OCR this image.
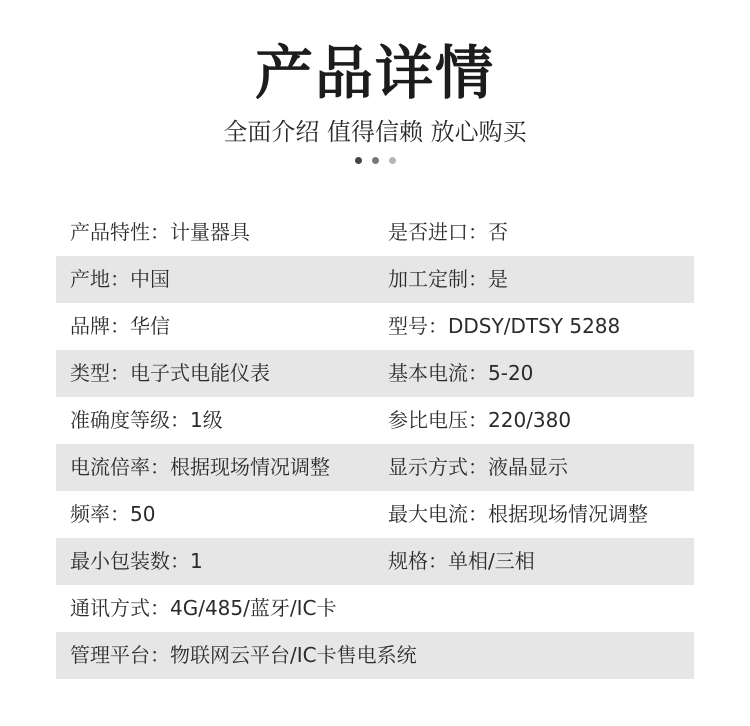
产品详情
全面介绍 值得信赖 放心购买
产品特性： 计量器具	是否进口： 否
产地： 中国	加工定制： 是
品牌： 华信	型号： DDSY/DTSY 5288
类型： 电子式电能仪表	基本电流： 5-20
准确度等级： 1级	参比电压： 220/380
电流倍率： 根据现场情况调整	显示方式： 液晶显示
频率： 50	最大电流： 根据现场情况调整
最小包装数： 1	规格： 单相/三相
通讯方式： 4G/485/蓝牙/IC卡
管理平台： 物联网云平台/IC卡售电系统
